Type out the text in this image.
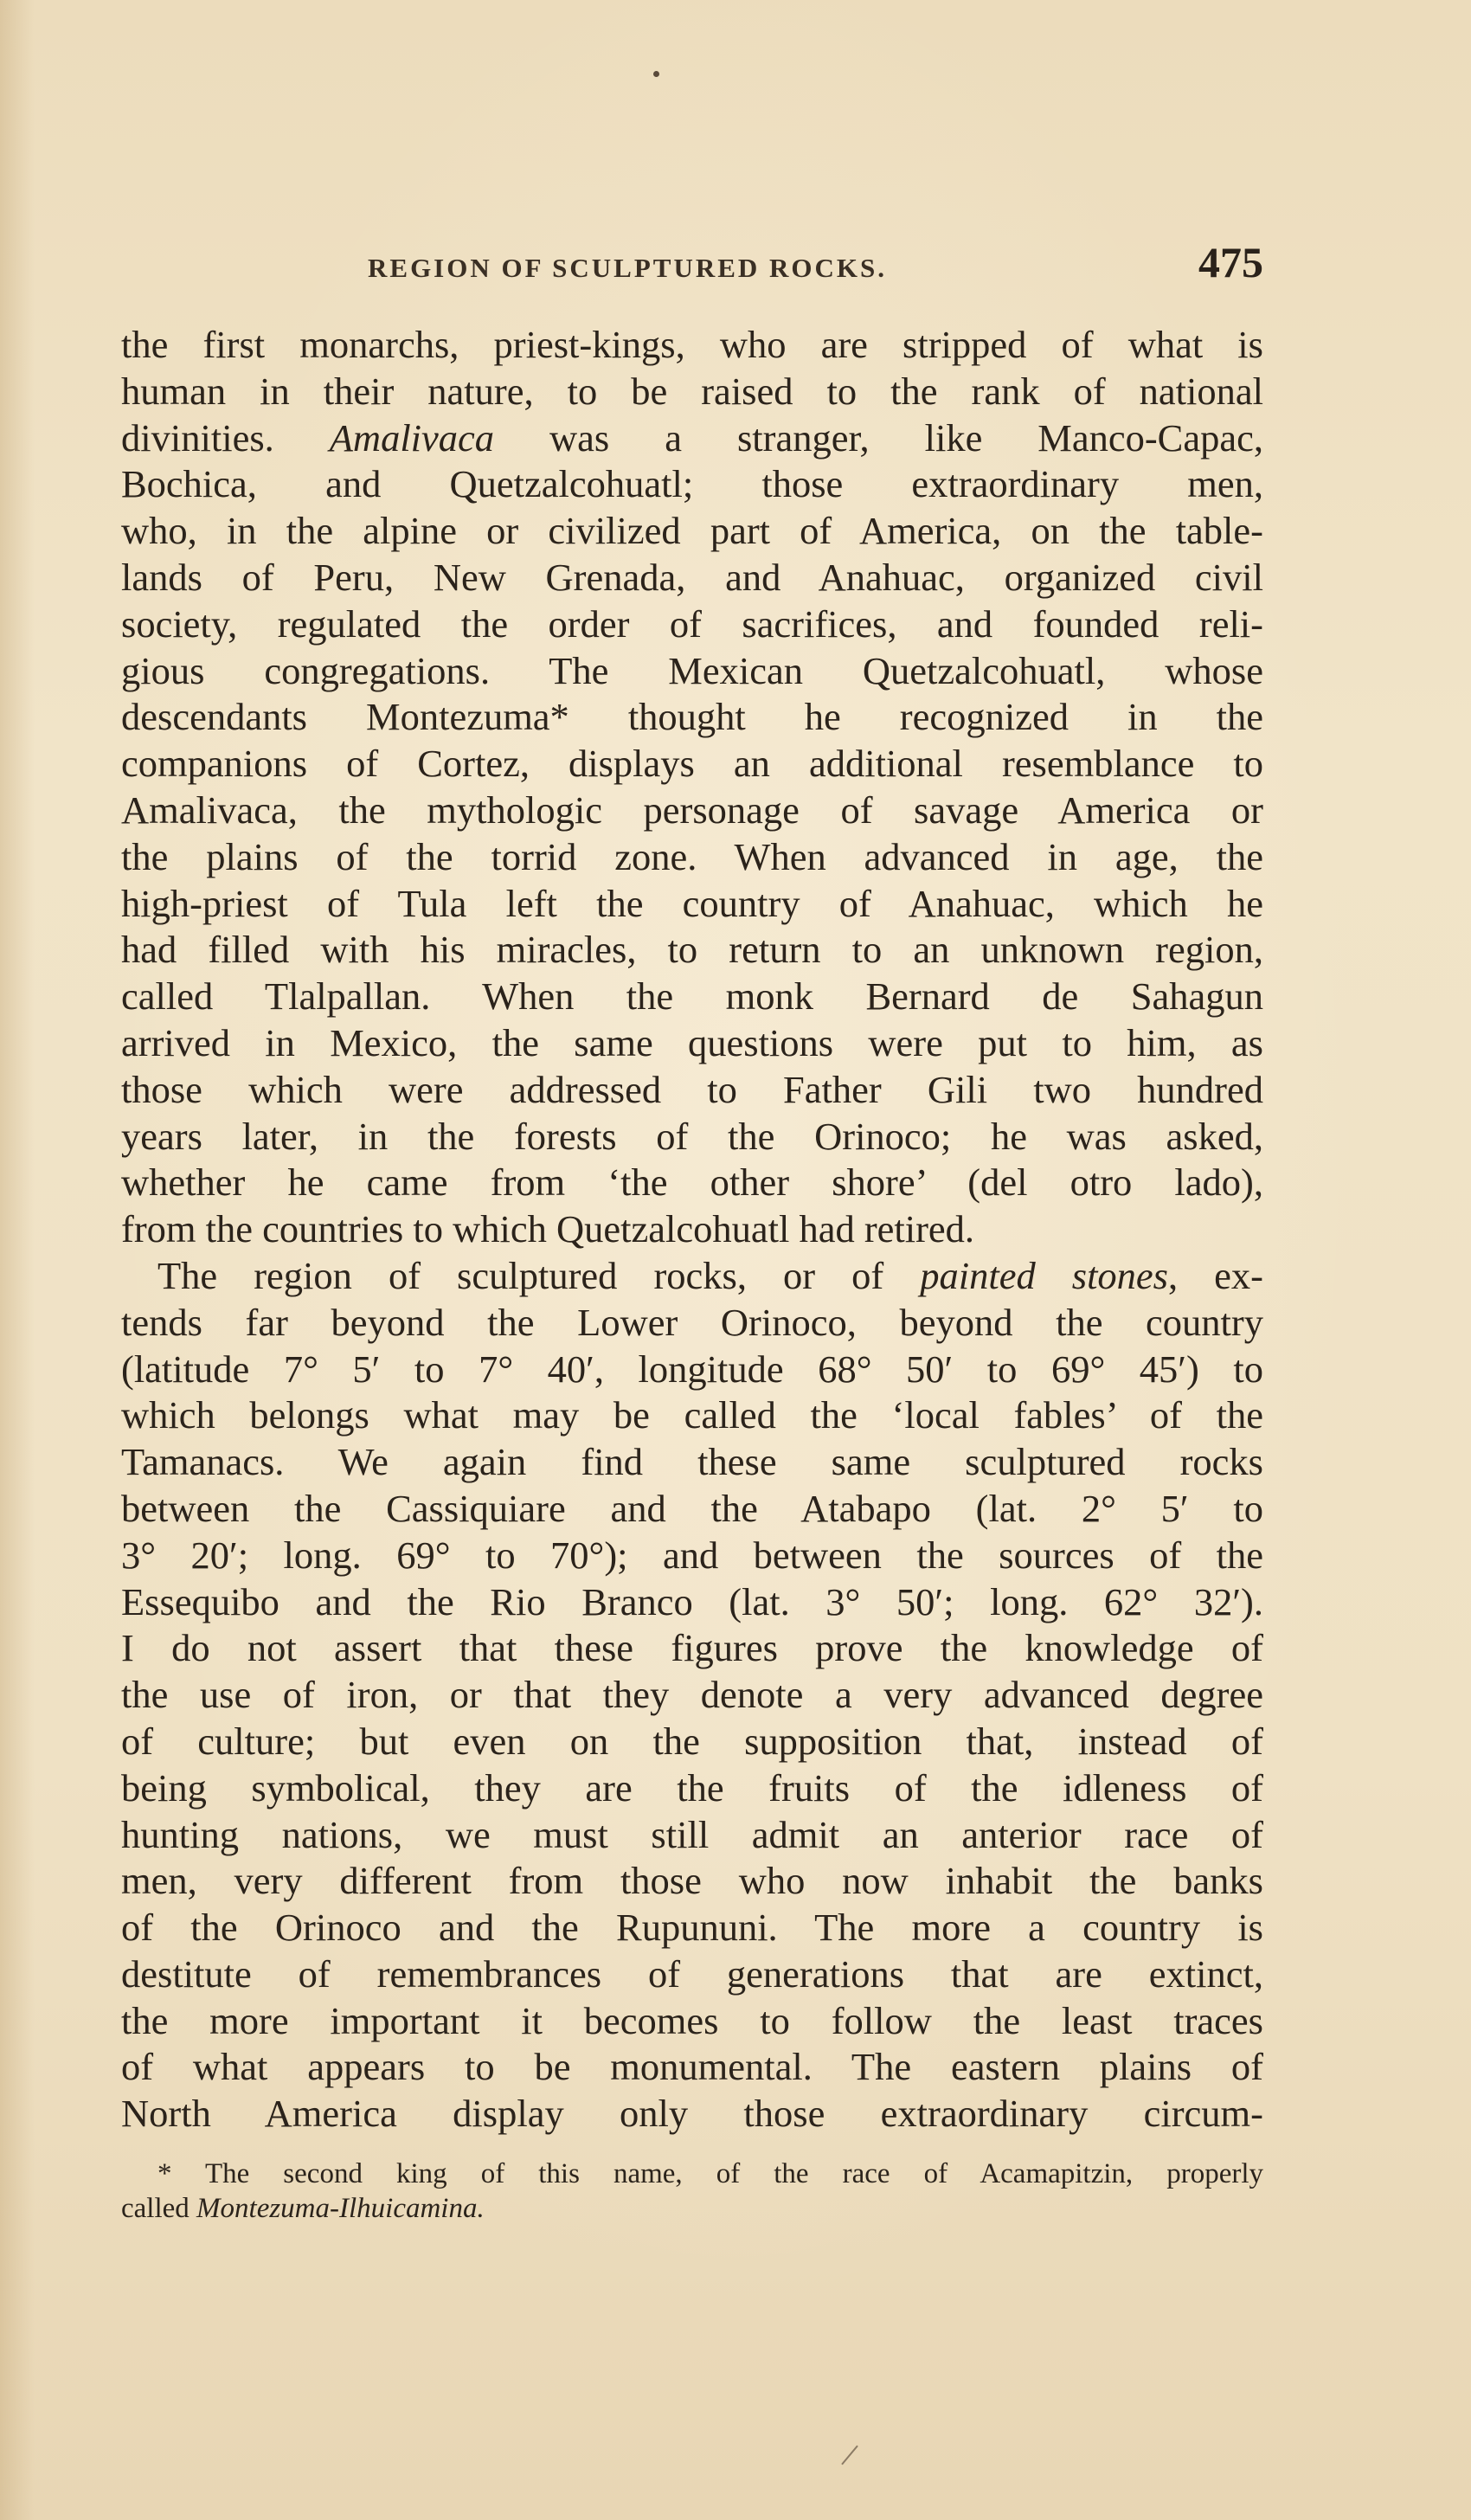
REGION OF SCULPTURED ROCKS.	475
the first monarchs, priest-kings, who are stripped of what is
human in their nature, to be raised to the rank of national
divinities. Amalivaca was a stranger, like Manco-Capac,
Bochica, and Quetzalcohuatl; those extraordinary men,
who, in the alpine or civilized part of America, on the table-
lands of Peru, New Grenada, and Anahuac, organized civil
society, regulated the order of sacrifices, and founded reli-
gious congregations. The Mexican Quetzalcohuatl, whose
descendants Montezuma* thought he recognized in the
companions of Cortez, displays an additional resemblance to
Amalivaca, the mythologic personage of savage America or
the plains of the torrid zone. When advanced in age, the
high-priest of Tula left the country of Anahuac, which he
had filled with his miracles, to return to an unknown region,
called Tlalpallan. When the monk Bernard de Sahagun
arrived in Mexico, the same questions were put to him, as
those which were addressed to Father Gili two hundred
years later, in the forests of the Orinoco; he was asked,
whether he came from ‘the other shore’ (del otro lado),
from the countries to which Quetzalcohuatl had retired.
The region of sculptured rocks, or of painted stones, ex-
tends far beyond the Lower Orinoco, beyond the country
(latitude 7° 5′ to 7° 40′, longitude 68° 50′ to 69° 45′) to
which belongs what may be called the ‘local fables’ of the
Tamanacs. We again find these same sculptured rocks
between the Cassiquiare and the Atabapo (lat. 2° 5′ to
3° 20′; long. 69° to 70°); and between the sources of the
Essequibo and the Rio Branco (lat. 3° 50′; long. 62° 32′).
I do not assert that these figures prove the knowledge of
the use of iron, or that they denote a very advanced degree
of culture; but even on the supposition that, instead of
being symbolical, they are the fruits of the idleness of
hunting nations, we must still admit an anterior race of
men, very different from those who now inhabit the banks
of the Orinoco and the Rupununi. The more a country is
destitute of remembrances of generations that are extinct,
the more important it becomes to follow the least traces
of what appears to be monumental. The eastern plains of
North America display only those extraordinary circum-
* The second king of this name, of the race of Acamapitzin, properly
called Montezuma-Ilhuicamina.
